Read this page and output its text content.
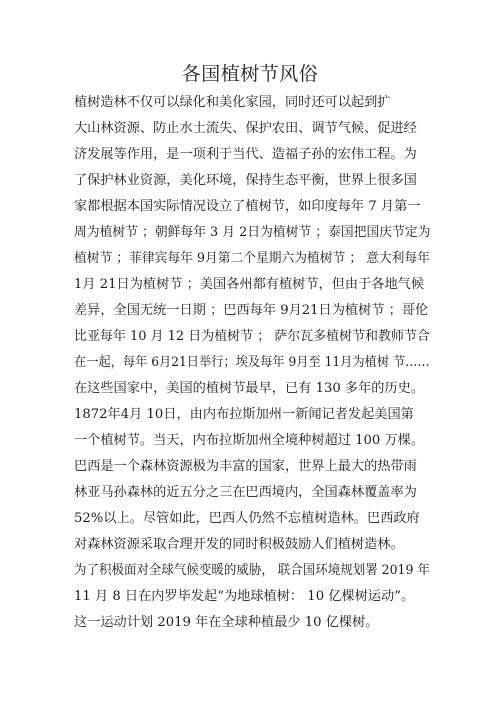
各国植树节风俗
植树造林不仅可以绿化和美化家园，同时还可以起到扩
大山林资源、防止水土流失、保护农田、调节气候、促进经
济发展等作用，是一项利于当代、造福子孙的宏伟工程。为
了保护林业资源，美化环境，保持生态平衡，世界上很多国
家都根据本国实际情况设立了植树节，如印度每年 7 月第一
周为植树节 ；朝鲜每年 3 月 2日为植树节 ；泰国把国庆节定为
植树节 ；菲律宾每年 9月第二个星期六为植树节 ； 意大利每年
1月 21日为植树节 ；美国各州都有植树节，但由于各地气候
差异，全国无统一日期 ；巴西每年 9月21日为植树节 ；哥伦
比亚每年 10 月 12 日为植树节 ； 萨尔瓦多植树节和教师节合
在一起，每年 6月21日举行；埃及每年 9月至 11月为植树 节……
在这些国家中，美国的植树节最早，已有 130 多年的历史。
1872年4月 10日，由内布拉斯加州一新闻记者发起美国第
一个植树节。当天，内布拉斯加州全境种树超过 100 万棵。
巴西是一个森林资源极为丰富的国家，世界上最大的热带雨
林亚马孙森林的近五分之三在巴西境内，全国森林覆盖率为
52%以上。尽管如此，巴西人仍然不忘植树造林。巴西政府
对森林资源采取合理开发的同时积极鼓励人们植树造林。
为了积极面对全球气候变暖的威胁， 联合国环境规划署 2019 年
11 月 8 日在内罗毕发起“为地球植树： 10 亿棵树运动”。
这一运动计划 2019 年在全球种植最少 10 亿棵树。
